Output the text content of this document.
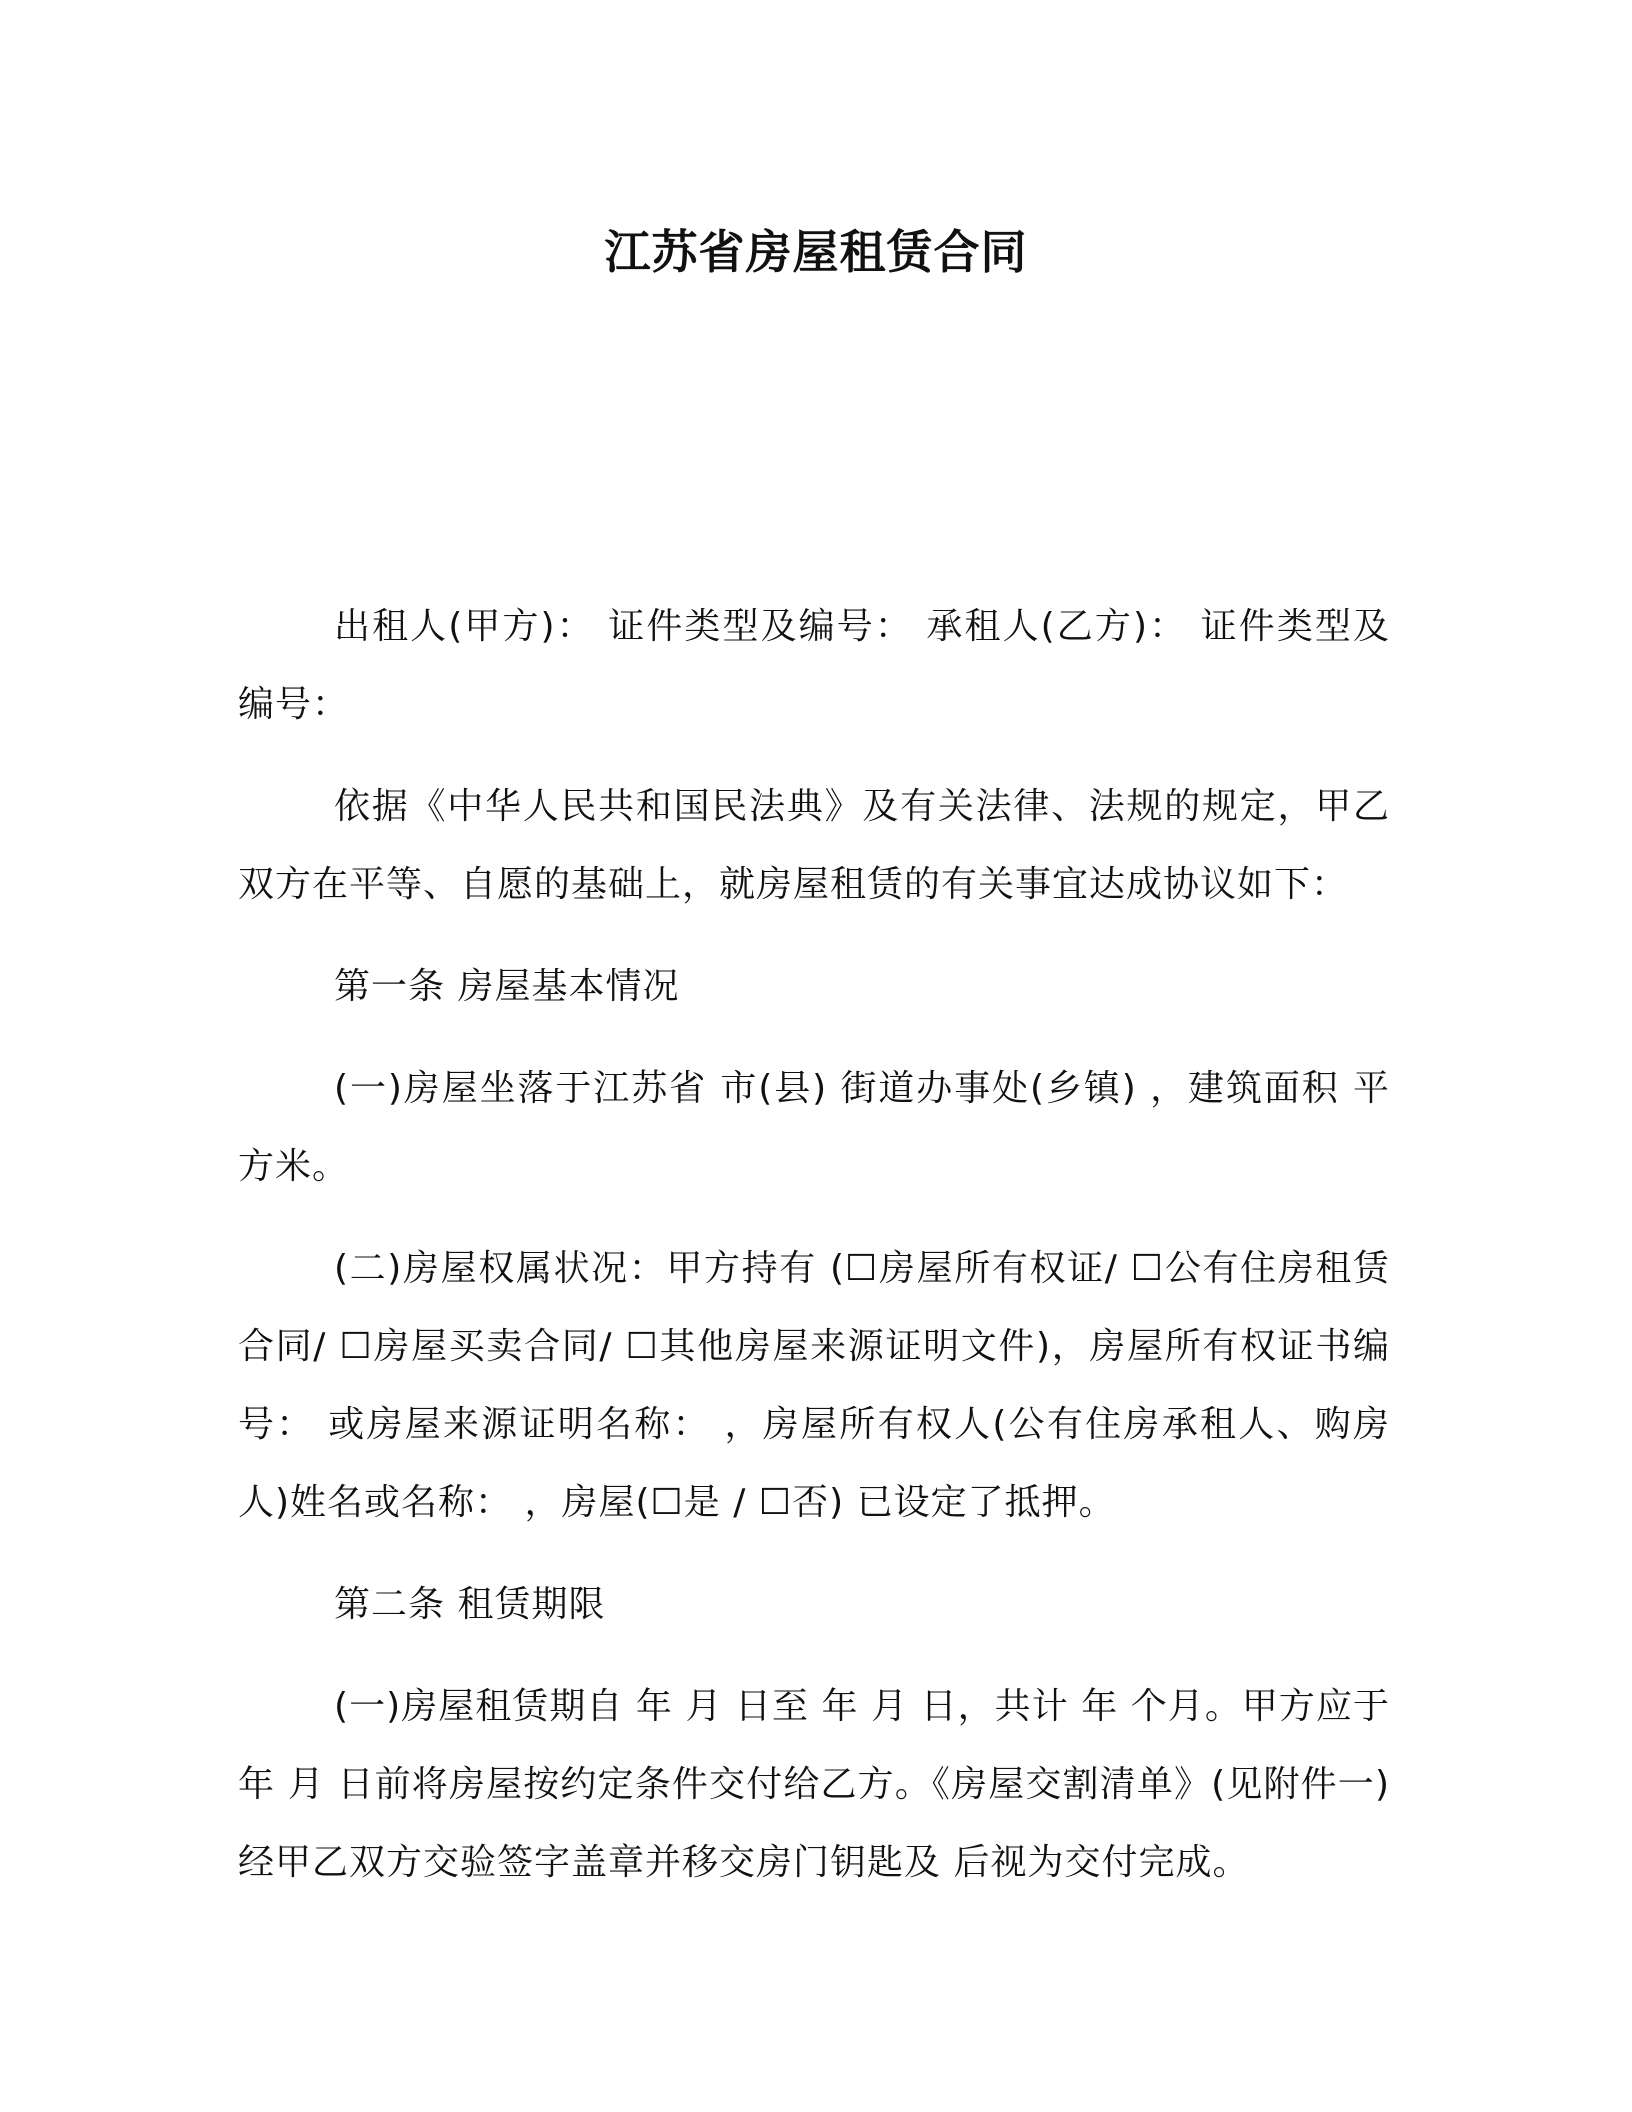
江苏省房屋租赁合同

出租人(甲方)： 证件类型及编号： 承租人(乙方)： 证件类型及编号：

依据《中华人民共和国民法典》及有关法律、法规的规定，甲乙双方在平等、自愿的基础上，就房屋租赁的有关事宜达成协议如下：

第一条 房屋基本情况

(一)房屋坐落于江苏省 市(县) 街道办事处(乡镇) ，建筑面积 平方米。

(二)房屋权属状况：甲方持有 (☐房屋所有权证/ ☐公有住房租赁合同/ ☐房屋买卖合同/ ☐其他房屋来源证明文件)，房屋所有权证书编号： 或房屋来源证明名称： ，房屋所有权人(公有住房承租人、购房人)姓名或名称： ，房屋(☐是 / ☐否) 已设定了抵押。

第二条 租赁期限

(一)房屋租赁期自 年 月 日至 年 月 日，共计 年 个月。甲方应于 年 月 日前将房屋按约定条件交付给乙方。《房屋交割清单》(见附件一)经甲乙双方交验签字盖章并移交房门钥匙及 后视为交付完成。
